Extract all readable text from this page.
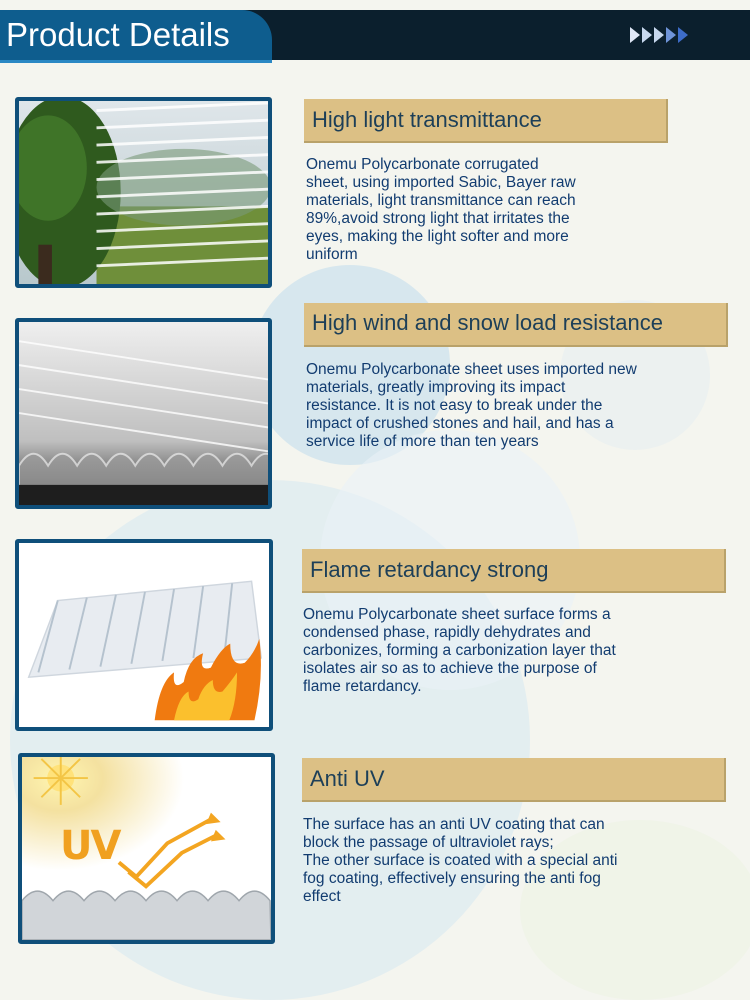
Product Details
High light transmittance
Onemu Polycarbonate corrugated
sheet, using imported Sabic, Bayer raw
materials, light transmittance can reach
89%,avoid strong light that irritates the
eyes, making the light softer and more
uniform
High wind and snow load resistance
Onemu Polycarbonate sheet uses imported new
materials, greatly improving its impact
resistance. It is not easy to break under the
impact of crushed stones and hail, and has a
service life of more than ten years
Flame retardancy strong
Onemu Polycarbonate sheet surface forms a
condensed phase, rapidly dehydrates and
carbonizes, forming a carbonization layer that
isolates air so as to achieve the purpose of
flame retardancy.
UV
Anti UV
The surface has an anti UV coating that can
block the passage of ultraviolet rays;
The other surface is coated with a special anti
fog coating, effectively ensuring the anti fog
effect
